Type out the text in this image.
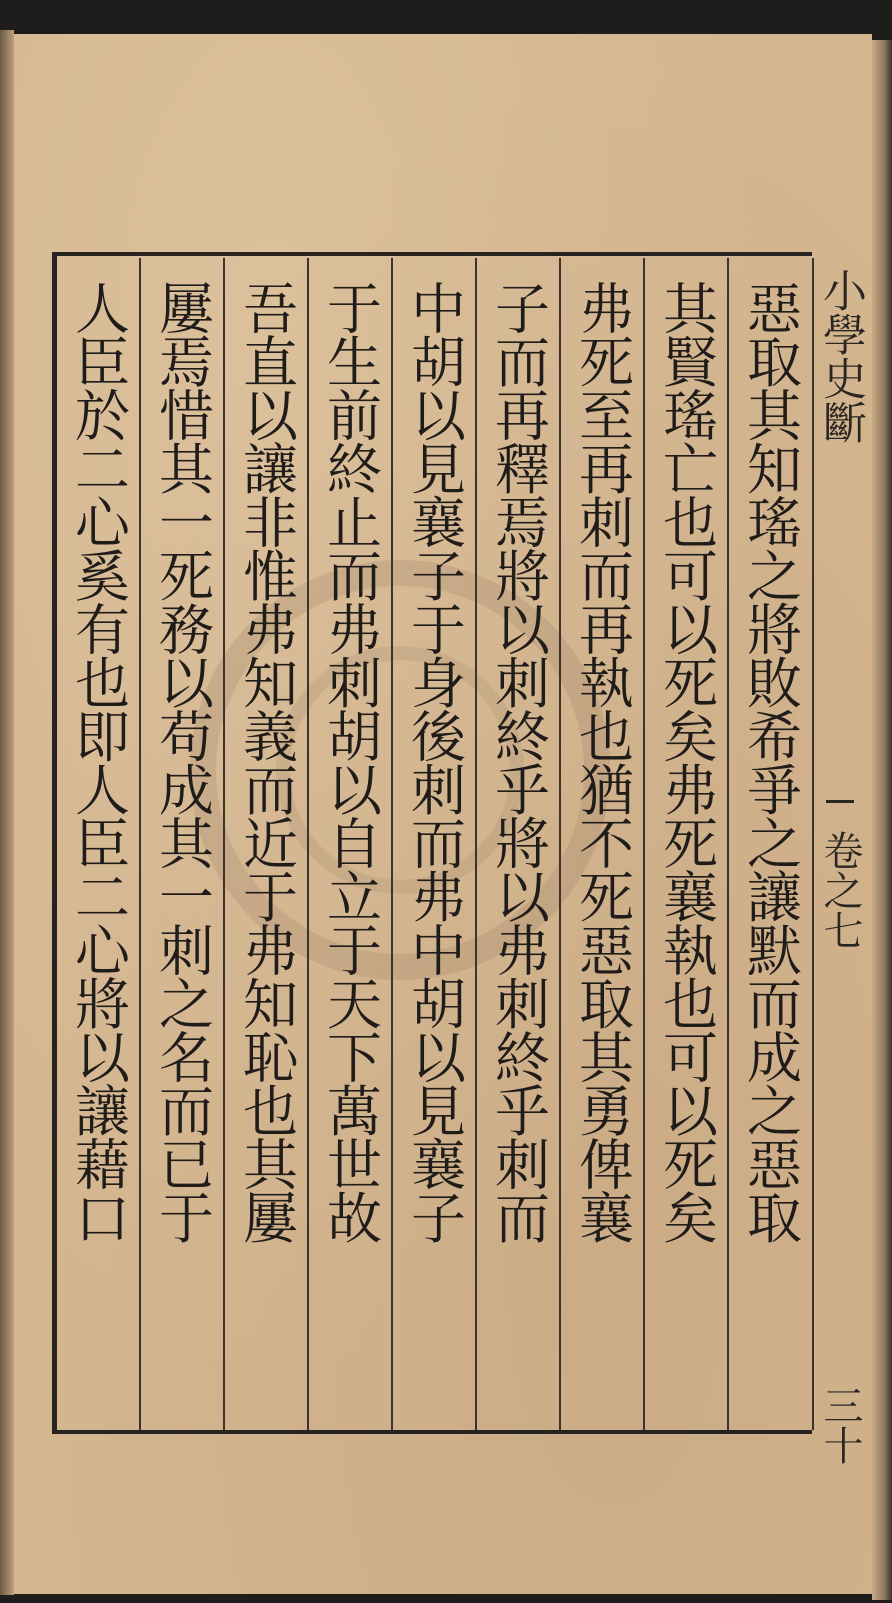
小學史斷
卷之七
三十
惡取其知瑤之將敗希爭之讓默而成之惡取
其賢瑤亡也可以死矣弗死襄執也可以死矣
弗死至再刺而再執也猶不死惡取其勇俾襄
子而再釋焉將以刺終乎將以弗刺終乎刺而
中胡以見襄子于身後刺而弗中胡以見襄子
于生前終止而弗刺胡以自立于天下萬世故
吾直以讓非惟弗知義而近于弗知恥也其屢
屢焉惜其一死務以苟成其一刺之名而已于
人臣於二心奚有也即人臣二心將以讓藉口
